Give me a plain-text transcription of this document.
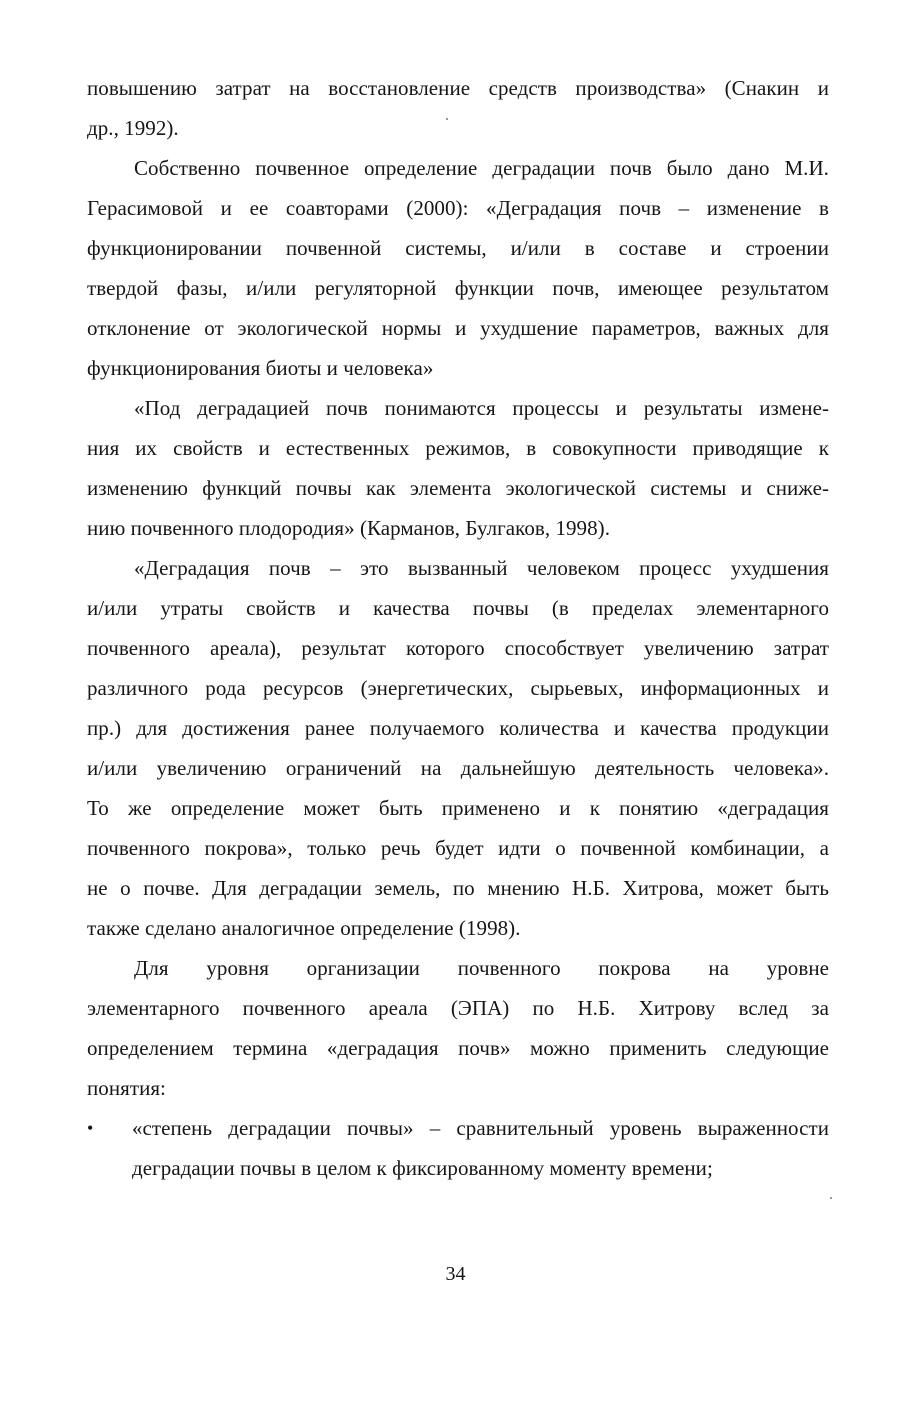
повышению затрат на восстановление средств производства» (Снакин и
др., 1992).
Собственно почвенное определение деградации почв было дано М.И.
Герасимовой и ее соавторами (2000): «Деградация почв – изменение в
функционировании почвенной системы, и/или в составе и строении
твердой фазы, и/или регуляторной функции почв, имеющее результатом
отклонение от экологической нормы и ухудшение параметров, важных для
функционирования биоты и человека»
«Под деградацией почв понимаются процессы и результаты измене-
ния их свойств и естественных режимов, в совокупности приводящие к
изменению функций почвы как элемента экологической системы и сниже-
нию почвенного плодородия» (Карманов, Булгаков, 1998).
«Деградация почв – это вызванный человеком процесс ухудшения
и/или утраты свойств и качества почвы (в пределах элементарного
почвенного ареала), результат которого способствует увеличению затрат
различного рода ресурсов (энергетических, сырьевых, информационных и
пр.) для достижения ранее получаемого количества и качества продукции
и/или увеличению ограничений на дальнейшую деятельность человека».
То же определение может быть применено и к понятию «деградация
почвенного покрова», только речь будет идти о почвенной комбинации, а
не о почве. Для деградации земель, по мнению Н.Б. Хитрова, может быть
также сделано аналогичное определение (1998).
Для уровня организации почвенного покрова на уровне
элементарного почвенного ареала (ЭПА) по Н.Б. Хитрову вслед за
определением термина «деградация почв» можно применить следующие
понятия:
• «степень деградации почвы» – сравнительный уровень выраженности
деградации почвы в целом к фиксированному моменту времени;
34
